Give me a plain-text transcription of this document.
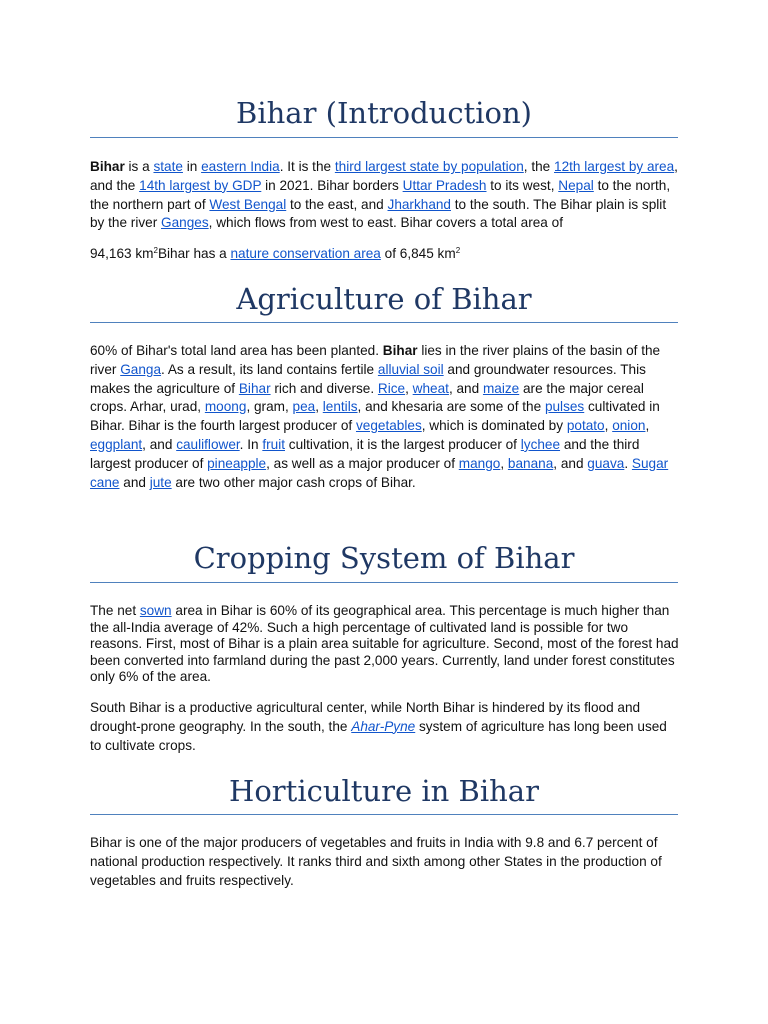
Bihar (Introduction)
Bihar is a state in eastern India. It is the third largest state by population, the 12th largest by area, and the 14th largest by GDP in 2021. Bihar borders Uttar Pradesh to its west, Nepal to the north, the northern part of West Bengal to the east, and Jharkhand to the south. The Bihar plain is split by the river Ganges, which flows from west to east. Bihar covers a total area of
94,163 $km^2Bihar$ has a nature conservation area of 6,845 $km^2$
Agriculture of Bihar
60% of Bihar's total land area has been planted. Bihar lies in the river plains of the basin of the river Ganga. As a result, its land contains fertile alluvial soil and groundwater resources. This makes the agriculture of Bihar rich and diverse. Rice, wheat, and maize are the major cereal crops. Arhar, urad, moong, gram, pea, lentils, and khesaria are some of the pulses cultivated in Bihar. Bihar is the fourth largest producer of vegetables, which is dominated by potato, onion, eggplant, and cauliflower. In fruit cultivation, it is the largest producer of lychee and the third largest producer of pineapple, as well as a major producer of mango, banana, and guava. Sugar cane and jute are two other major cash crops of Bihar.
Cropping System of Bihar
The net sown area in Bihar is 60% of its geographical area. This percentage is much higher than the all-India average of 42%. Such a high percentage of cultivated land is possible for two reasons. First, most of Bihar is a plain area suitable for agriculture. Second, most of the forest had been converted into farmland during the past 2,000 years. Currently, land under forest constitutes only 6% of the area.
South Bihar is a productive agricultural center, while North Bihar is hindered by its flood and drought-prone geography. In the south, the Ahar-Pyne system of agriculture has long been used to cultivate crops.
Horticulture in Bihar
Bihar is one of the major producers of vegetables and fruits in India with 9.8 and 6.7 percent of national production respectively. It ranks third and sixth among other States in the production of vegetables and fruits respectively.
